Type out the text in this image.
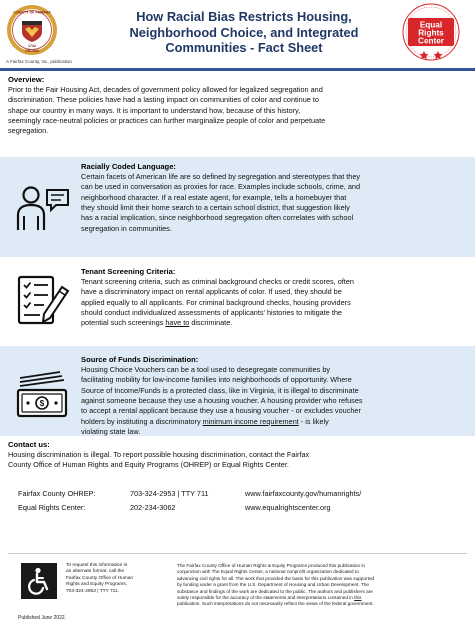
COUNTY OF FAIRFAX
1742
VIRGINIA
A Fairfax County, Va., publication
How Racial Bias Restricts Housing,
Neighborhood Choice, and Integrated
Communities - Fact Sheet
Equal
Rights
Center
Overview:
Prior to the Fair Housing Act, decades of government policy allowed for legalized segregation and
discrimination. These policies have had a lasting impact on communities of color and continue to
shape our country in many ways. It is important to understand how, because of this history,
seemingly race-neutral policies or practices can further marginalize people of color and perpetuate
segregation.
Racially Coded Language:
Certain facets of American life are so defined by segregation and stereotypes that they
can be used in conversation as proxies for race. Examples include schools, crime, and
neighborhood character. If a real estate agent, for example, tells a homebuyer that
they should limit their home search to a certain school district, that suggestion likely
has a racial implication, since neighborhood segregation often correlates with school
segregation in communities.
Tenant Screening Criteria:
Tenant screening criteria, such as criminal background checks or credit scores, often
have a discriminatory impact on rental applicants of color. If used, they should be
applied equally to all applicants. For criminal background checks, housing providers
should conduct individualized assessments of applicants' histories to mitigate the
potential such screenings have to discriminate.
$
Source of Funds Discrimination:
Housing Choice Vouchers can be a tool used to desegregate communities by
facilitating mobility for low-income families into neighborhoods of opportunity. Where
Source of Income/Funds is a protected class, like in Virginia, it is illegal to discriminate
against someone because they use a housing voucher. A housing provider who refuses
to accept a rental applicant because they use a housing voucher - or excludes voucher
holders by instituting a discriminatory minimum income requirement - is likely
violating state law.
Contact us:
Housing discrimination is illegal. To report possible housing discrimination, contact the Fairfax
County Office of Human Rights and Equity Programs (OHREP) or Equal Rights Center.
Fairfax County OHREP:	703-324-2953 | TTY 711	www.fairfaxcounty.gov/humanrights/
Equal Rights Center:	202-234-3062	www.equalrightscenter.org
To request this information in
an alternate format, call the
Fairfax County Office of Human
Rights and Equity Programs,
703-324-2953 | TTY 711.
Published June 2022.
The Fairfax County Office of Human Rights & Equity Programs produced this publication in
conjunction with The Equal Rights Center, a national nonprofit organization dedicated to
advancing civil rights for all. The work that provided the basis for this publication was supported
by funding under a grant from the U.S. Department of Housing and Urban Development. The
substance and findings of the work are dedicated to the public. The authors and publishers are
solely responsible for the accuracy of the statements and interpretations contained in this
publication. Such interpretations do not necessarily reflect the views of the federal government.
